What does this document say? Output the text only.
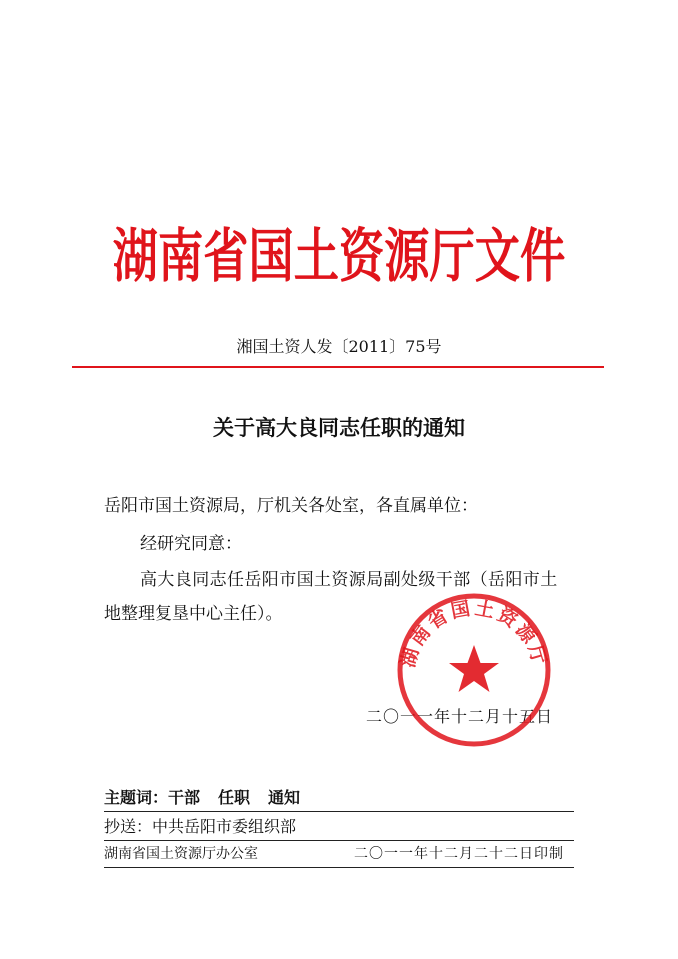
湖南省国土资源厅文件
湘国土资人发〔2011〕75号
关于高大良同志任职的通知
岳阳市国土资源局，厅机关各处室，各直属单位：
经研究同意：
高大良同志任岳阳市国土资源局副处级干部（岳阳市土
地整理复垦中心主任）。
二〇一一年十二月十五日
湖南省国土资源厅
主题词：干部 任职 通知
抄送：中共岳阳市委组织部
湖南省国土资源厅办公室	二〇一一年十二月二十二日印制
